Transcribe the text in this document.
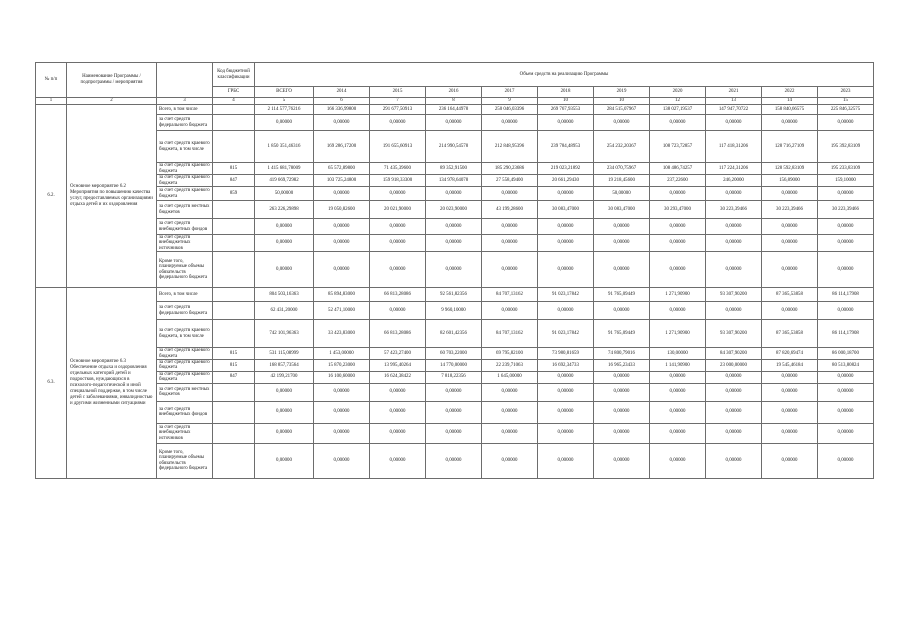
№ п/п	Наименование Программы / подпрограммы / мероприятия		Код бюджетной классификации	Объем средств на реализацию Программы										
			ГРБС	ВСЕГО	2014	2015	2016	2017	2018	2019	2020	2021	2022	2023
1	2	3	4	5	6	7	8	9	10	10	12	13	14	15
6.2.	Основное мероприятие 6.2 Мероприятия по повышению качества услуг, предоставляемых организациями отдыха детей и их оздоровления	Всего, в том числе		2 114 577,76216	166 336,99800	291 677,50913	236 164,44978	250 046,03396	269 767,93553	284 515,07967	138 027,19537	147 947,70722	158 840,66575	225 846,32575
		за счет средств федерального бюджета		0,00000	0,00000	0,00000	0,00000	0,00000	0,00000	0,00000	0,00000	0,00000	0,00000	0,00000
		за счет средств краевого бюджета, в том числе		1 850 351,46316	169 286,17200	191 655,60913	214 990,54578	212 848,95396	239 784,48953	254 232,20367	108 723,72857	117 418,31206	128 716,27109	195 392,83109
		за счет средств краевого бюджета	815	1 415 681,78009	65 572,89800	71 435,39600	89 352,91500	185 290,23686	219 023,21892	234 070,75967	108 486,74257	117 224,31206	128 592,83109	195 233,83109
		за счет средств краевого бюджета	847	419 669,72982	103 725,24800	159 918,33300	134 978,64078	27 558,49400	20 661,29430	19 218,45600	237,22600	246,20000	156,89000	159,10000
		за счет средств краевого бюджета	859	50,00000	0,00000	0,00000	0,00000	0,00000	0,00000	50,00000	0,00000	0,00000	0,00000	0,00000
		за счет средств местных бюджетов		263 226,29898	19 050,82600	20 021,90000	20 023,90000	43 199,28600	30 083,47000	30 083,47000	30 293,47000	30 223,39466	30 223,39466	30 223,39466
		за счет средств внебюджетных фондов		0,00000	0,00000	0,00000	0,00000	0,00000	0,00000	0,00000	0,00000	0,00000	0,00000	0,00000
		за счет средств внебюджетных источников		0,00000	0,00000	0,00000	0,00000	0,00000	0,00000	0,00000	0,00000	0,00000	0,00000	0,00000
		Кроме того, планируемые объемы обязательств федерального бюджета		0,00000	0,00000	0,00000	0,00000	0,00000	0,00000	0,00000	0,00000	0,00000	0,00000	0,00000
6.3.	Основное мероприятие 6.3 Обеспечение отдыха и оздоровления отдельных категорий детей и подростков, нуждающихся в психолого-педагогической и иной специальной поддержке, в том числе детей с заболеваниями, инвалидностью и другими жизненными ситуациями	Всего, в том числе		804 503,16363	85 894,83000	66 813,28086	92 561,82356	84 707,13162	91 023,17842	91 765,09449	1 271,90900	93 307,90200	87 365,53858	86 114,17908
		за счет средств федерального бюджета		62 431,20000	52 471,10000	0,00000	9 960,10000	0,00000	0,00000	0,00000	0,00000	0,00000	0,00000	0,00000
		за счет средств краевого бюджета, в том числе		742 101,96363	33 423,83000	66 813,28086	82 601,42356	84 707,13162	91 023,17842	91 765,09449	1 271,90900	93 307,90200	87 365,53858	86 114,17908
		за счет средств краевого бюджета	815	531 115,08999	1 453,00000	57 423,27400	60 703,22000	69 795,82100	73 980,81659	74 800,79016	130,00000	84 307,90200	87 820,69474	86 000,18700
		за счет средств краевого бюджета	815	168 857,73564	15 870,23000	13 995,40264	14 770,00000	22 239,71063	16 692,34733	16 965,23433	1 141,90900	23 000,00000	19 545,46184	80 513,80824
		за счет средств краевого бюджета	847	42 199,21700	16 100,60000	16 624,38422	7 818,22356	1 645,00000	0,00000	0,00000	0,00000	0,00000	0,00000	0,00000
		за счет средств местных бюджетов		0,00000	0,00000	0,00000	0,00000	0,00000	0,00000	0,00000	0,00000	0,00000	0,00000	0,00000
		за счет средств внебюджетных фондов		0,00000	0,00000	0,00000	0,00000	0,00000	0,00000	0,00000	0,00000	0,00000	0,00000	0,00000
		за счет средств внебюджетных источников		0,00000	0,00000	0,00000	0,00000	0,00000	0,00000	0,00000	0,00000	0,00000	0,00000	0,00000
		Кроме того, планируемые объемы обязательств федерального бюджета		0,00000	0,00000	0,00000	0,00000	0,00000	0,00000	0,00000	0,00000	0,00000	0,00000	0,00000
